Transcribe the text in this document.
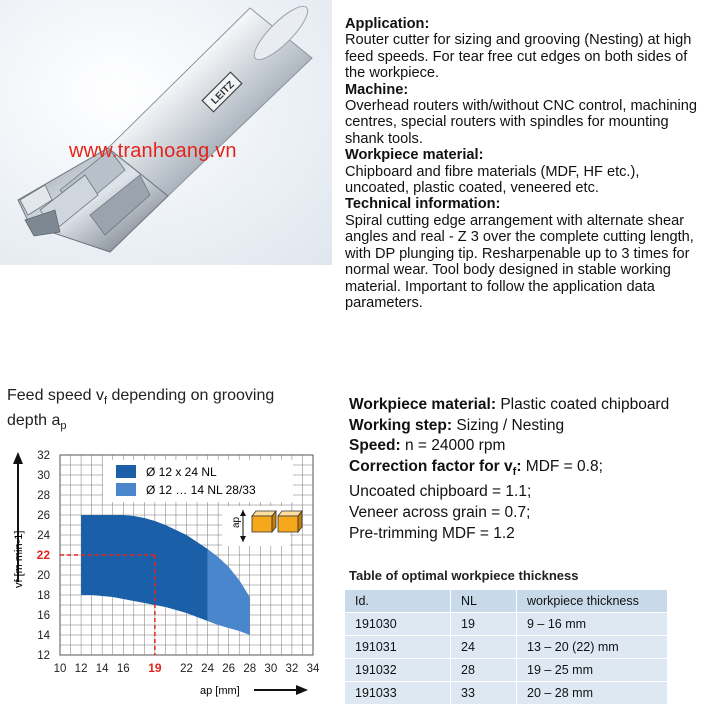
LEITZ
www.tranhoang.vn

Application:

Router cutter for sizing and grooving (Nesting) at high feed speeds. For tear free cut edges on both sides of the workpiece.

Machine:

Overhead routers with/without CNC control, machining centres, special routers with spindles for mounting shank tools.

Workpiece material:

Chipboard and fibre materials (MDF, HF etc.), uncoated, plastic coated, veneered etc.

Technical information:

Spiral cutting edge arrangement with alternate shear angles and real - Z 3 over the complete cutting length, with DP plunging tip. Resharpenable up to 3 times for normal wear. Tool body designed in stable working material. Important to follow the application data parameters.

Feed speed $v_f$ depending on grooving
depth $a_p$
10 12 14 16	22 24 26 28 30 32 34
19
12
14
16
18
20
24
26
28
30
32
22
Ø 12 x 24 NL
Ø 12 … 14 NL 28/33
ap
vf [m min-1]
ap [mm]
Workpiece material: Plastic coated chipboard
Working step: Sizing / Nesting
Speed: n = 24000 rpm
Correction factor for $v_f$: MDF = 0.8;
Uncoated chipboard = 1.1;
Veneer across grain = 0.7;
Pre-trimming MDF = 1.2
Table of optimal workpiece thickness
Id.	NL	workpiece thickness
191030	19	9 – 16 mm
191031	24	13 – 20 (22) mm
191032	28	19 – 25 mm
191033	33	20 – 28 mm
